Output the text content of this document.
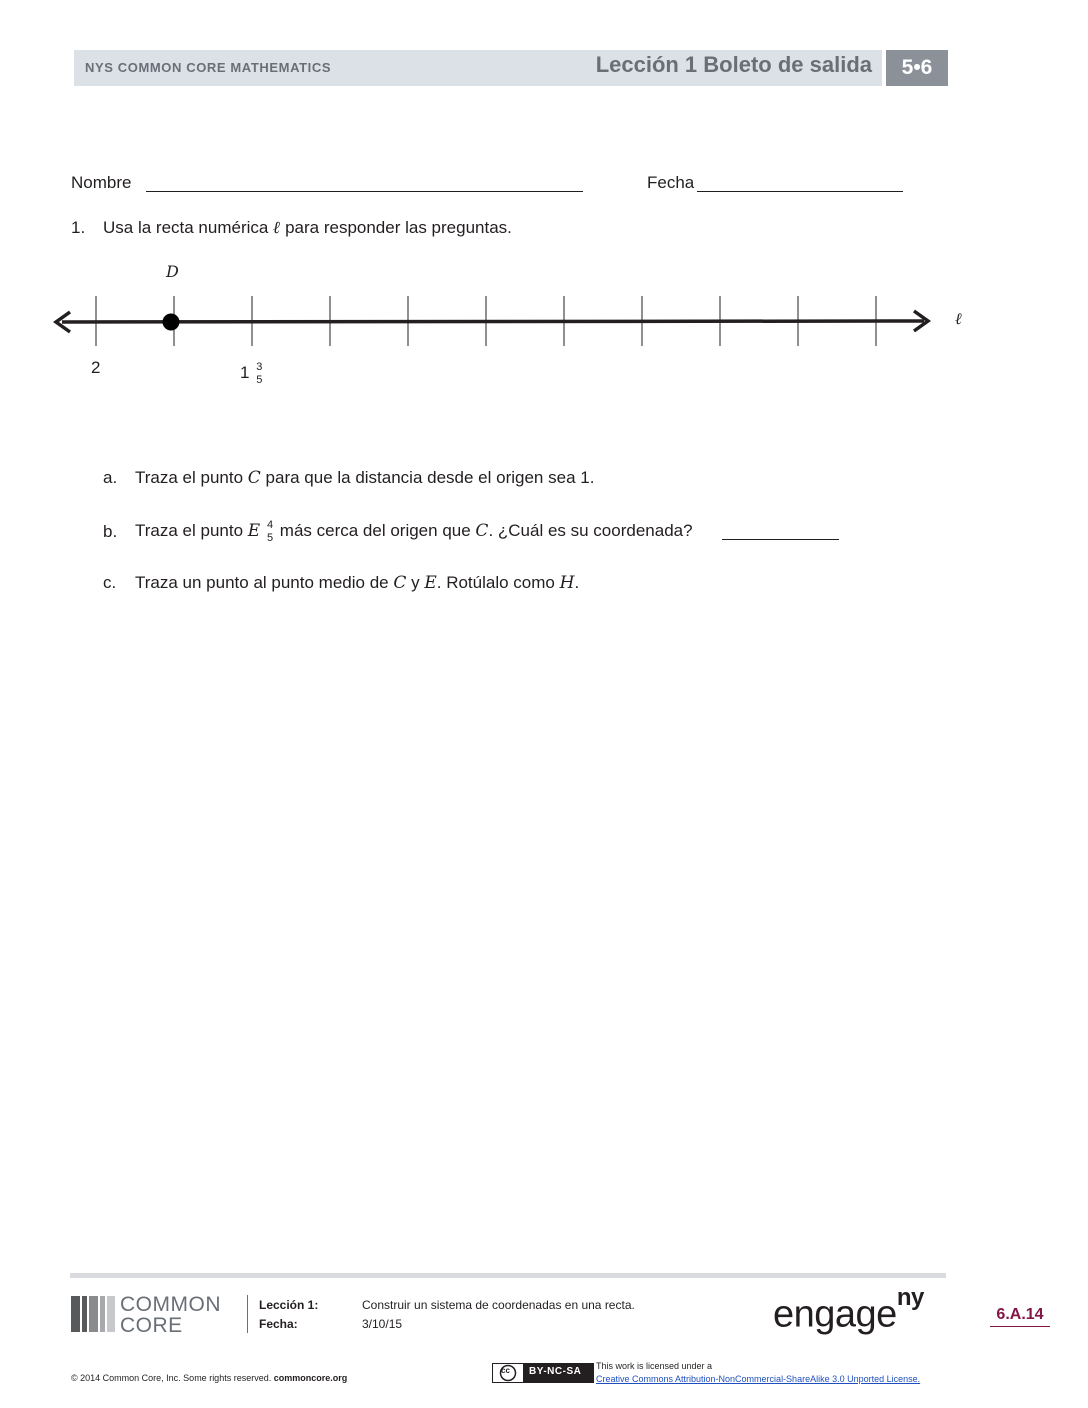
NYS COMMON CORE MATHEMATICS	Lección 1 Boleto de salida	5•6
Nombre	Fecha
1. Usa la recta numérica ℓ para responder las preguntas.
D
ℓ
2	1 3
5
a. Traza el punto C para que la distancia desde el origen sea 1.
b. Traza el punto E 4
5 más cerca del origen que C. ¿Cuál es su coordenada?
c. Traza un punto al punto medio de C y E. Rotúlalo como H.
COMMON
CORE
Lección 1:	Construir un sistema de coordenadas en una recta.
Fecha:	3/10/15	engage$^{ny}$
6.A.14
© 2014 Common Core, Inc. Some rights reserved. commoncore.org
cc BY-NC-SA This work is licensed under a
Creative Commons Attribution-NonCommercial-ShareAlike 3.0 Unported License.
